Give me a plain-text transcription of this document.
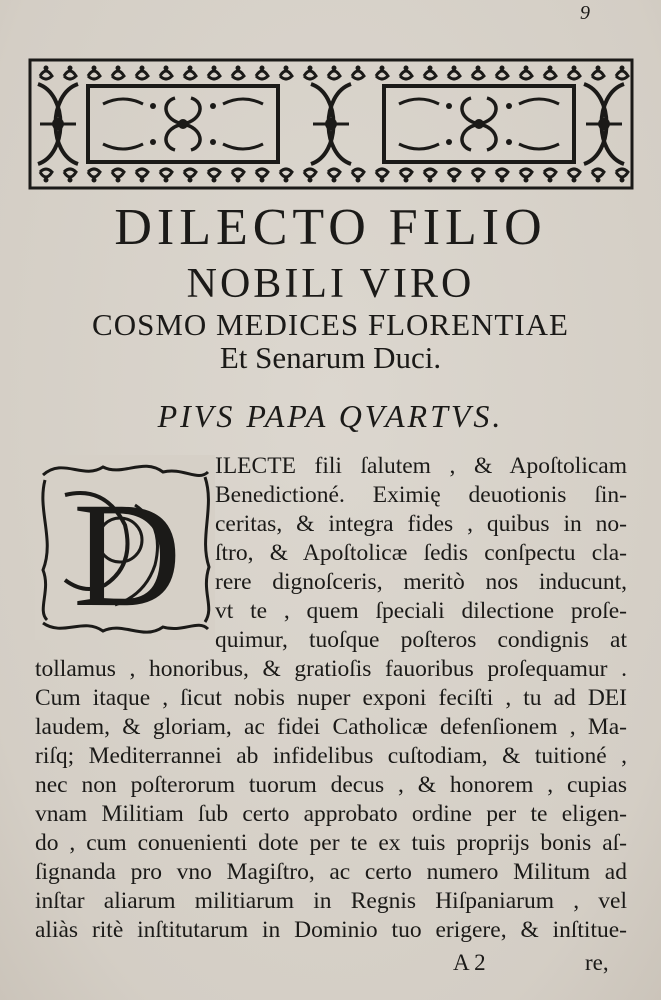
9
DILECTO FILIO
NOBILI VIRO
COSMO MEDICES FLORENTIAE
Et Senarum Duci.
PIVS PAPA QVARTVS.
D
ILECTE fili ſalutem , & Apoſtolicam
Benedictioné. Eximię deuotionis ſin-
ceritas, & integra fides , quibus in no-
ſtro, & Apoſtolicæ ſedis conſpectu cla-
rere dignoſceris, meritò nos inducunt,
vt te , quem ſpeciali dilectione proſe-
quimur, tuoſque poſteros condignis at
tollamus , honoribus, & gratioſis fauoribus proſequamur .
Cum itaque , ſicut nobis nuper exponi feciſti , tu ad DEI
laudem, & gloriam, ac fidei Catholicæ defenſionem , Ma-
riſq; Mediterrannei ab infidelibus cuſtodiam, & tuitioné ,
nec non poſterorum tuorum decus , & honorem , cupias
vnam Militiam ſub certo approbato ordine per te eligen-
do , cum conuenienti dote per te ex tuis proprijs bonis aſ-
ſignanda pro vno Magiſtro, ac certo numero Militum ad
inſtar aliarum militiarum in Regnis Hiſpaniarum , vel
aliàs ritè inſtitutarum in Dominio tuo erigere, & inſtitue-
A 2	re,
